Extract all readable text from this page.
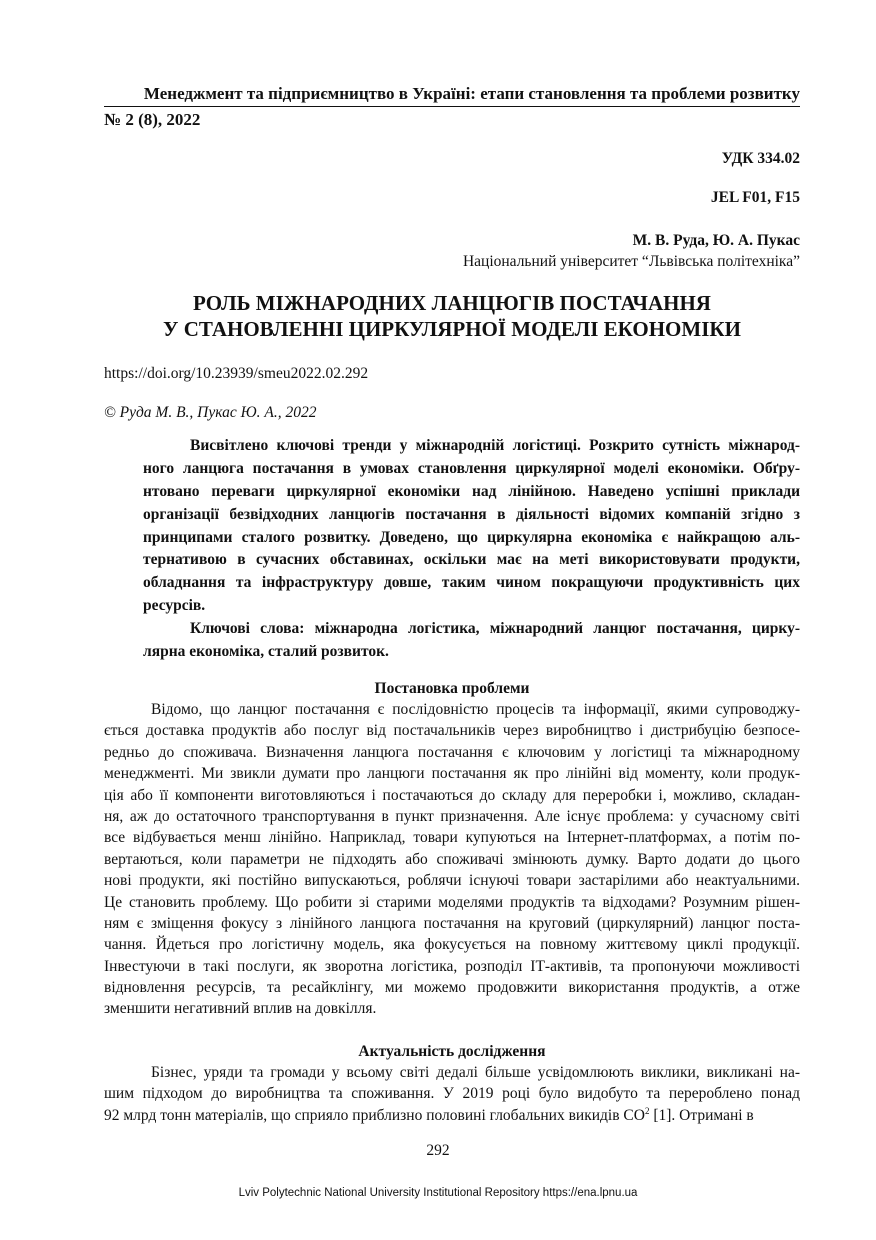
Менеджмент та підприємництво в Україні: етапи становлення та проблеми розвитку
№ 2 (8), 2022
УДК 334.02
JEL F01, F15
М. В. Руда, Ю. А. Пукас
Національний університет “Львівська політехніка”
РОЛЬ МІЖНАРОДНИХ ЛАНЦЮГІВ ПОСТАЧАННЯ
У СТАНОВЛЕННІ ЦИРКУЛЯРНОЇ МОДЕЛІ ЕКОНОМІКИ
https://doi.org/10.23939/smeu2022.02.292
© Руда М. В., Пукас Ю. А., 2022
Висвітлено ключові тренди у міжнародній логістиці. Розкрито сутність міжнарод-
ного ланцюга постачання в умовах становлення циркулярної моделі економіки. Обґру-
нтовано переваги циркулярної економіки над лінійною. Наведено успішні приклади
організації безвідходних ланцюгів постачання в діяльності відомих компаній згідно з
принципами сталого розвитку. Доведено, що циркулярна економіка є найкращою аль-
тернативою в сучасних обставинах, оскільки має на меті використовувати продукти,
обладнання та інфраструктуру довше, таким чином покращуючи продуктивність цих
ресурсів.
Ключові слова: міжнародна логістика, міжнародний ланцюг постачання, цирку-
лярна економіка, сталий розвиток.
Постановка проблеми
Відомо, що ланцюг постачання є послідовністю процесів та інформації, якими супроводжу-
ється доставка продуктів або послуг від постачальників через виробництво і дистрибуцію безпосе-
редньо до споживача. Визначення ланцюга постачання є ключовим у логістиці та міжнародному
менеджменті. Ми звикли думати про ланцюги постачання як про лінійні від моменту, коли продук-
ція або її компоненти виготовляються і постачаються до складу для переробки і, можливо, складан-
ня, аж до остаточного транспортування в пункт призначення. Але існує проблема: у сучасному світі
все відбувається менш лінійно. Наприклад, товари купуються на Інтернет-платформах, а потім по-
вертаються, коли параметри не підходять або споживачі змінюють думку. Варто додати до цього
нові продукти, які постійно випускаються, роблячи існуючі товари застарілими або неактуальними.
Це становить проблему. Що робити зі старими моделями продуктів та відходами? Розумним рішен-
ням є зміщення фокусу з лінійного ланцюга постачання на круговий (циркулярний) ланцюг поста-
чання. Йдеться про логістичну модель, яка фокусується на повному життєвому циклі продукції.
Інвестуючи в такі послуги, як зворотна логістика, розподіл ІТ-активів, та пропонуючи можливості
відновлення ресурсів, та ресайклінгу, ми можемо продовжити використання продуктів, а отже
зменшити негативний вплив на довкілля.
Актуальність дослідження
Бізнес, уряди та громади у всьому світі дедалі більше усвідомлюють виклики, викликані на-
шим підходом до виробництва та споживання. У 2019 році було видобуто та перероблено понад
92 млрд тонн матеріалів, що сприяло приблизно половині глобальних викидів $CO^2$ [1]. Отримані в
292
Lviv Polytechnic National University Institutional Repository https://ena.lpnu.ua
